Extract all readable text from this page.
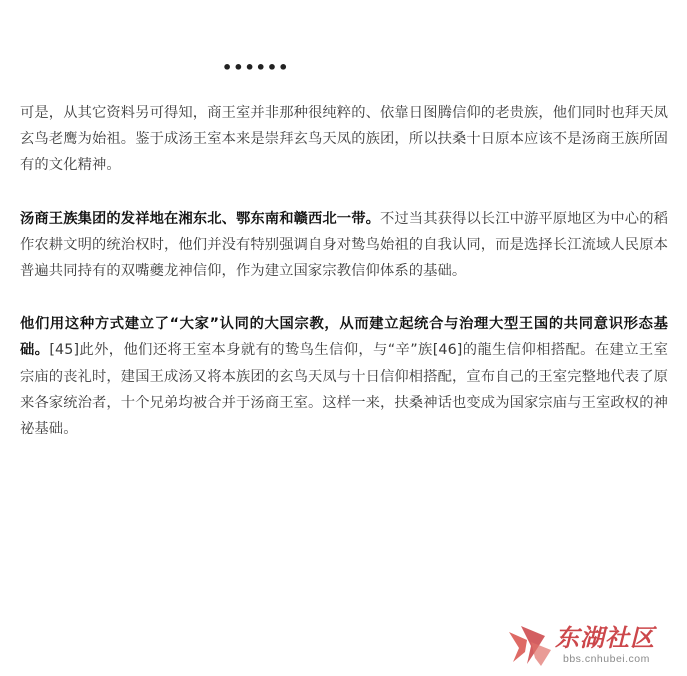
••••••

可是，从其它资料另可得知，商王室并非那种很纯粹的、依靠日图腾信仰的老贵族，他们同时也拜天凤玄鸟老鹰为始祖。鉴于成汤王室本来是崇拜玄鸟天凤的族团，所以扶桑十日原本应该不是汤商王族所固有的文化精神。

汤商王族集团的发祥地在湘东北、鄂东南和赣西北一带。不过当其获得以长江中游平原地区为中心的稻作农耕文明的统治权时，他们并没有特别强调自身对鸷鸟始祖的自我认同，而是选择长江流域人民原本普遍共同持有的双嘴夔龙神信仰，作为建立国家宗教信仰体系的基础。

他们用这种方式建立了“大家”认同的大国宗教，从而建立起统合与治理大型王国的共同意识形态基础。[45]此外，他们还将王室本身就有的鸷鸟生信仰，与“辛”族[46]的龍生信仰相搭配。在建立王室宗庙的丧礼时，建国王成汤又将本族团的玄鸟天凤与十日信仰相搭配，宣布自己的王室完整地代表了原来各家统治者，十个兄弟均被合并于汤商王室。这样一来，扶桑神话也变成为国家宗庙与王室政权的神祕基础。

东湖社区
bbs.cnhubei.com
